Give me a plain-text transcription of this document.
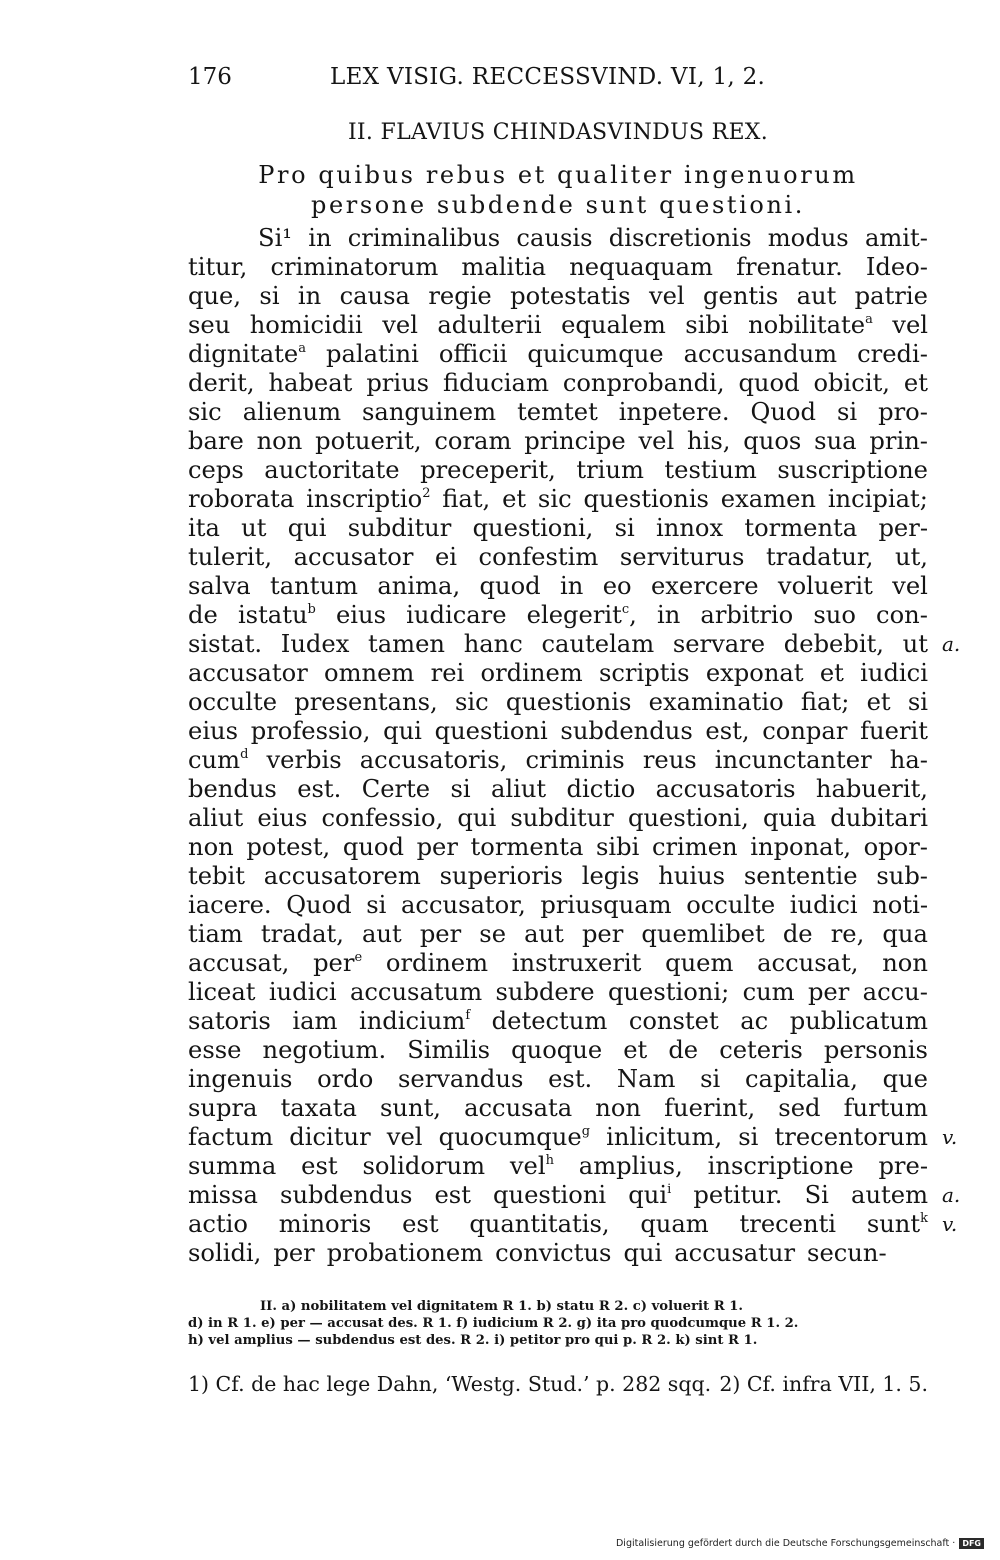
176	LEX VISIG. RECCESSVIND. VI, 1, 2.
II. FLAVIUS CHINDASVINDUS REX.
Pro quibus rebus et qualiter ingenuorum
persone subdende sunt questioni.
Si¹ in criminalibus causis discretionis modus amit-
titur, criminatorum malitia nequaquam frenatur. Ideo-
que, si in causa regie potestatis vel gentis aut patrie
seu homicidii vel adulterii equalem sibi nobilitate$^a$ vel
dignitate$^a$ palatini officii quicumque accusandum credi-
derit, habeat prius fiduciam conprobandi, quod obicit, et
sic alienum sanguinem temtet inpetere. Quod si pro-
bare non potuerit, coram principe vel his, quos sua prin-
ceps auctoritate preceperit, trium testium suscriptione
roborata inscriptio$^2$ fiat, et sic questionis examen incipiat;
ita ut qui subditur questioni, si innox tormenta per-
tulerit, accusator ei confestim serviturus tradatur, ut,
salva tantum anima, quod in eo exercere voluerit vel
de istatu$^b$ eius iudicare elegerit$^c$, in arbitrio suo con-
sistat. Iudex tamen hanc cautelam servare debebit, ut
accusator omnem rei ordinem scriptis exponat et iudici
occulte presentans, sic questionis examinatio fiat; et si
eius professio, qui questioni subdendus est, conpar fuerit
cum$^d$ verbis accusatoris, criminis reus incunctanter ha-
bendus est. Certe si aliut dictio accusatoris habuerit,
aliut eius confessio, qui subditur questioni, quia dubitari
non potest, quod per tormenta sibi crimen inponat, opor-
tebit accusatorem superioris legis huius sententie sub-
iacere. Quod si accusator, priusquam occulte iudici noti-
tiam tradat, aut per se aut per quemlibet de re, qua
accusat, per$^e$ ordinem instruxerit quem accusat, non
liceat iudici accusatum subdere questioni; cum per accu-
satoris iam indicium$^f$ detectum constet ac publicatum
esse negotium. Similis quoque et de ceteris personis
ingenuis ordo servandus est. Nam si capitalia, que
supra taxata sunt, accusata non fuerint, sed furtum
factum dicitur vel quocumque$^g$ inlicitum, si trecentorum
summa est solidorum vel$^h$ amplius, inscriptione pre-
missa subdendus est questioni qui$^i$ petitur. Si autem
actio minoris est quantitatis, quam trecenti sunt$^k$
solidi, per probationem convictus qui accusatur secun-
a.
v.
a.
v.
II. a) nobilitatem vel dignitatem R 1. b) statu R 2. c) voluerit R 1.
d) in R 1. e) per — accusat des. R 1. f) iudicium R 2. g) ita pro quodcumque R 1. 2.
h) vel amplius — subdendus est des. R 2. i) petitor pro qui p. R 2. k) sint R 1.
1) Cf. de hac lege Dahn, ‘Westg. Stud.’ p. 282 sqq. 2) Cf. infra VII, 1. 5.
Digitalisierung gefördert durch die Deutsche Forschungsgemeinschaft · DFG
